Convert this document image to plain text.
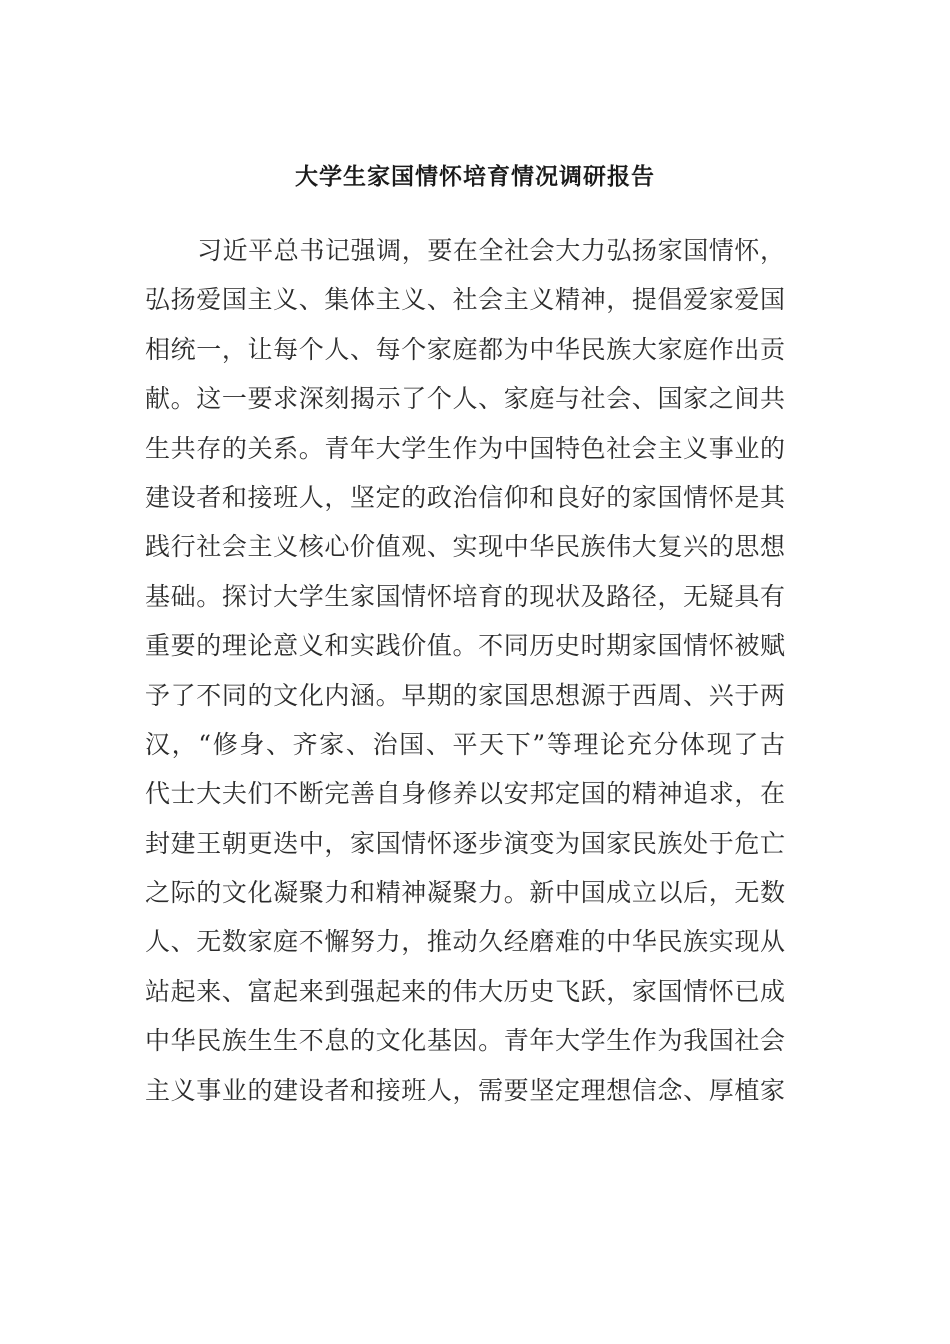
大学生家国情怀培育情况调研报告
习近平总书记强调，要在全社会大力弘扬家国情怀，
弘扬爱国主义、集体主义、社会主义精神，提倡爱家爱国
相统一，让每个人、每个家庭都为中华民族大家庭作出贡
献。这一要求深刻揭示了个人、家庭与社会、国家之间共
生共存的关系。青年大学生作为中国特色社会主义事业的
建设者和接班人，坚定的政治信仰和良好的家国情怀是其
践行社会主义核心价值观、实现中华民族伟大复兴的思想
基础。探讨大学生家国情怀培育的现状及路径，无疑具有
重要的理论意义和实践价值。不同历史时期家国情怀被赋
予了不同的文化内涵。早期的家国思想源于西周、兴于两
汉，“修身、齐家、治国、平天下”等理论充分体现了古
代士大夫们不断完善自身修养以安邦定国的精神追求，在
封建王朝更迭中，家国情怀逐步演变为国家民族处于危亡
之际的文化凝聚力和精神凝聚力。新中国成立以后，无数
人、无数家庭不懈努力，推动久经磨难的中华民族实现从
站起来、富起来到强起来的伟大历史飞跃，家国情怀已成
中华民族生生不息的文化基因。青年大学生作为我国社会
主义事业的建设者和接班人，需要坚定理想信念、厚植家
